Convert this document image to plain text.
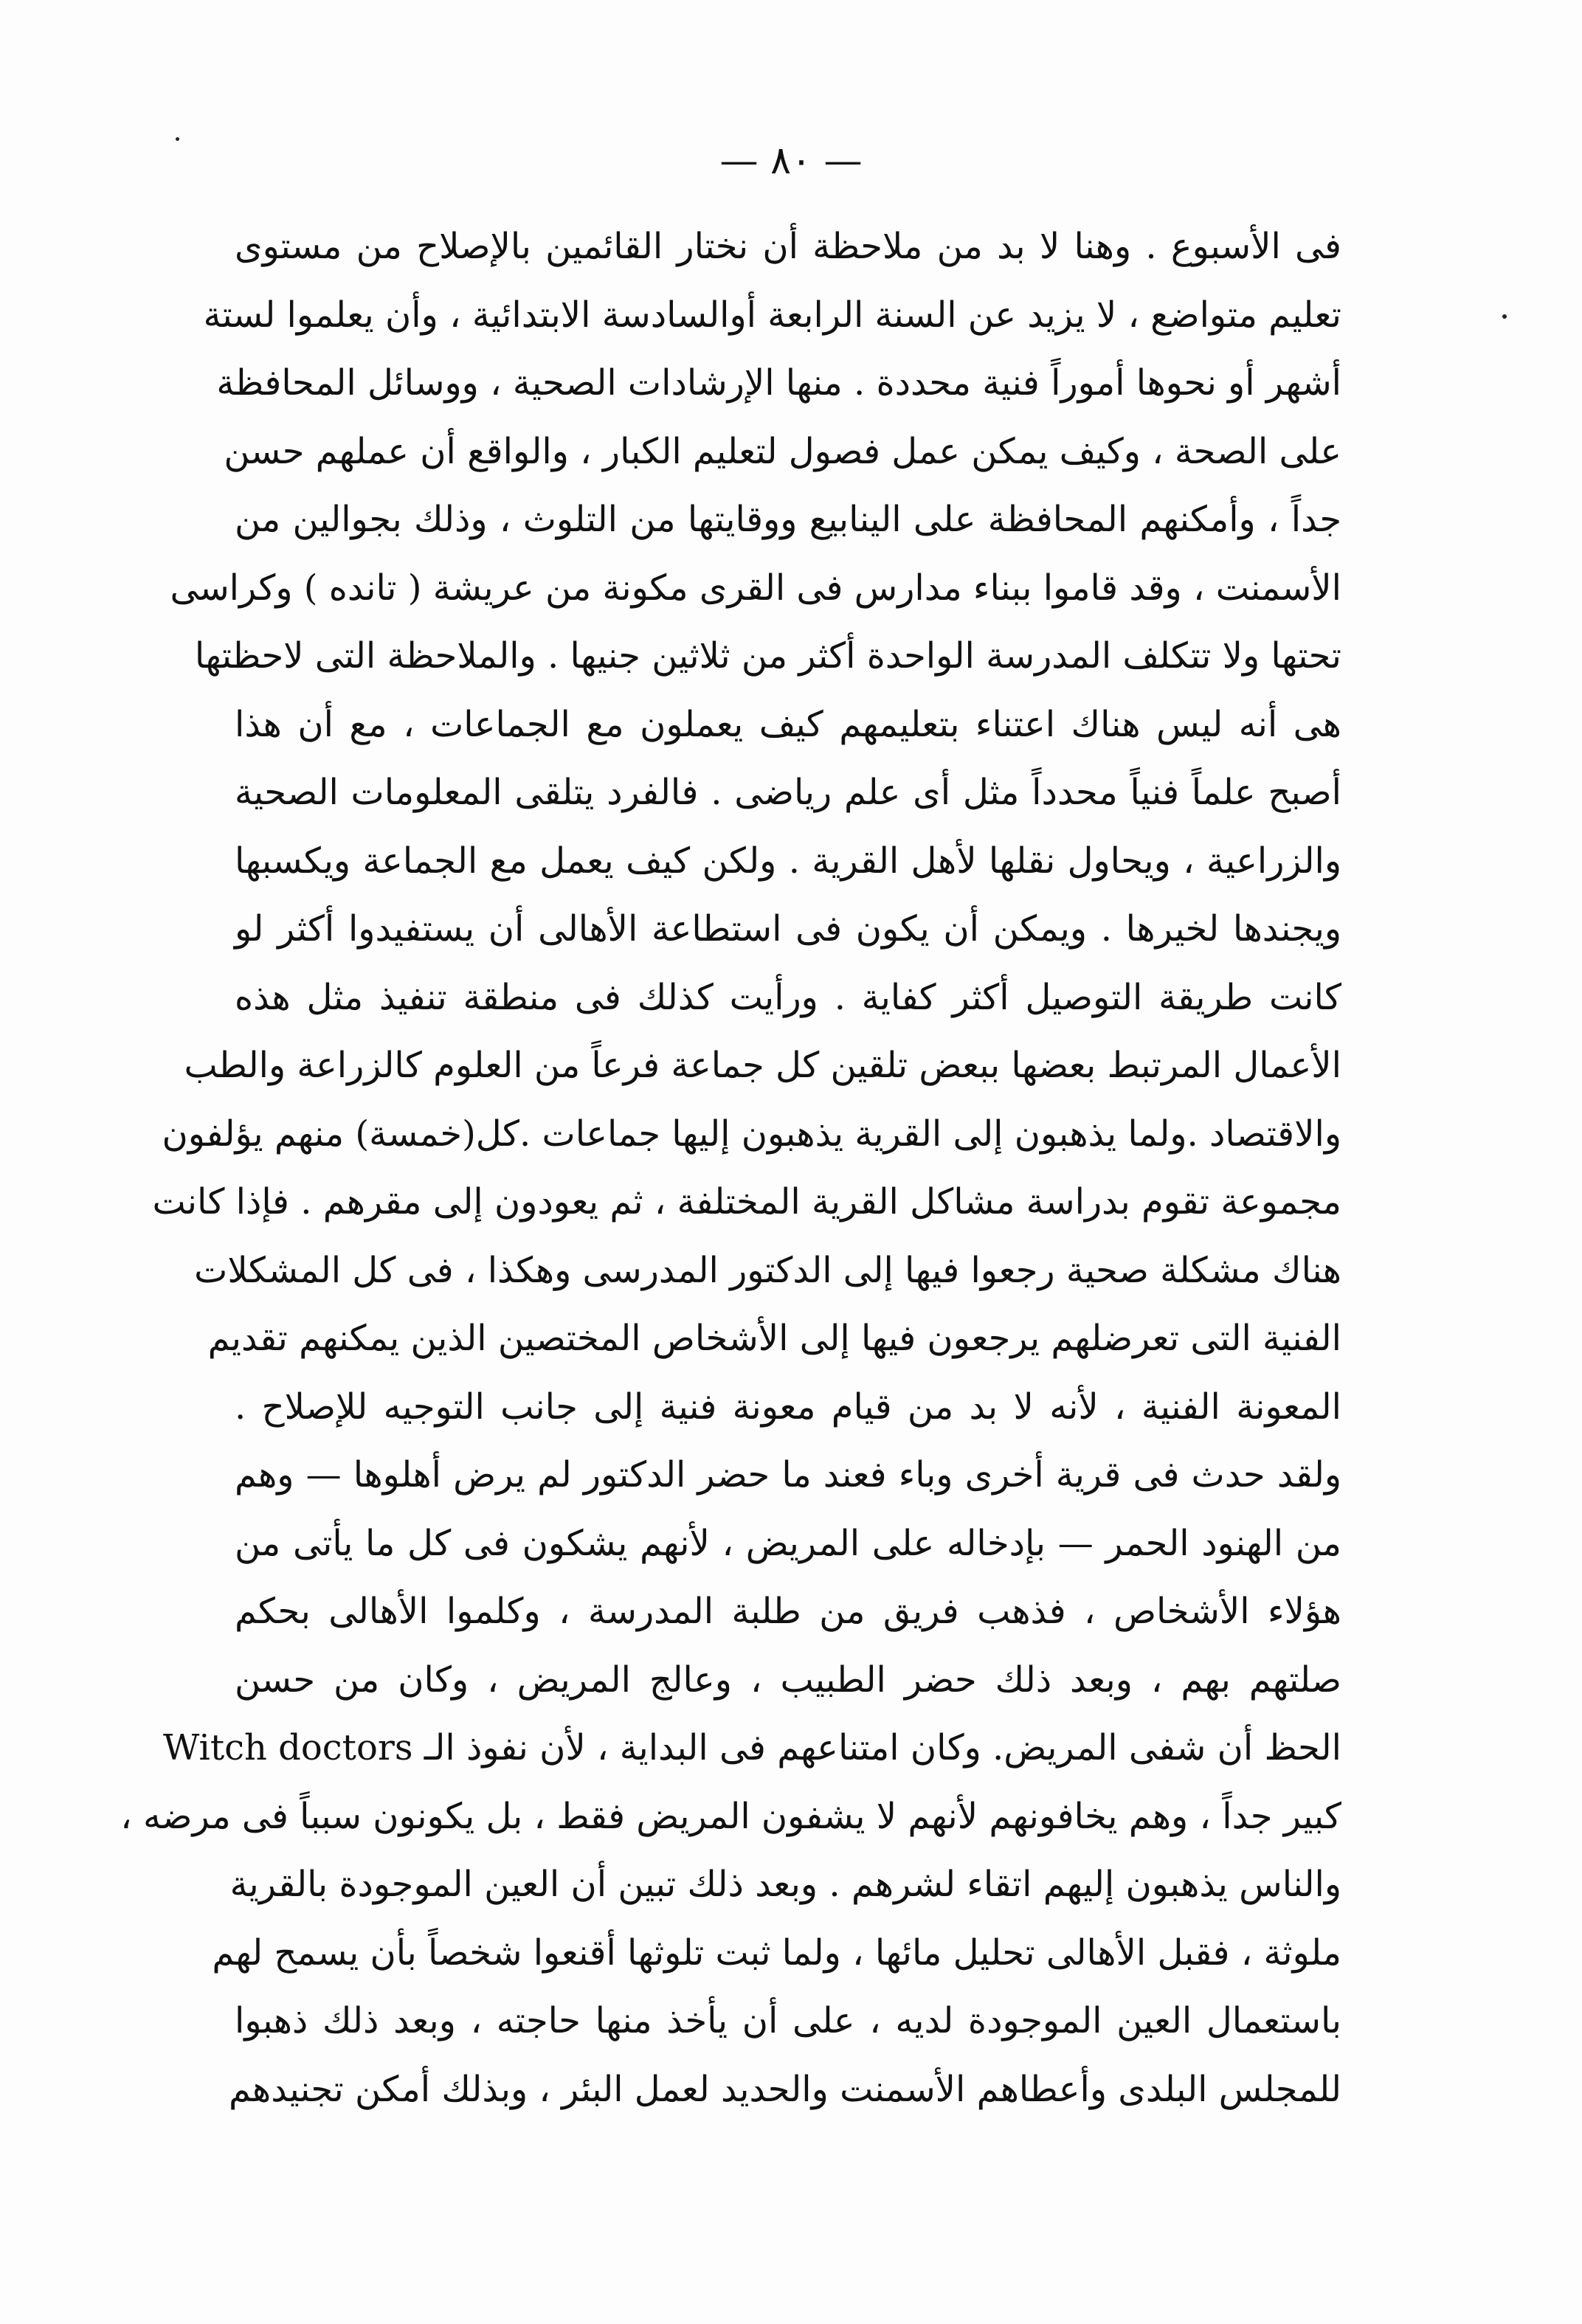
— ٨٠ —
فى الأسبوع . وهنا لا بد من ملاحظة أن نختار القائمين بالإصلاح من مستوى
تعليم متواضع ، لا يزيد عن السنة الرابعة أوالسادسة الابتدائية ، وأن يعلموا لستة
أشهر أو نحوها أموراً فنية محددة . منها الإرشادات الصحية ، ووسائل المحافظة
على الصحة ، وكيف يمكن عمل فصول لتعليم الكبار ، والواقع أن عملهم حسن
جداً ، وأمكنهم المحافظة على الينابيع ووقايتها من التلوث ، وذلك بجوالين من
الأسمنت ، وقد قاموا ببناء مدارس فى القرى مكونة من عريشة ( تانده ) وكراسى
تحتها ولا تتكلف المدرسة الواحدة أكثر من ثلاثين جنيها . والملاحظة التى لاحظتها
هى أنه ليس هناك اعتناء بتعليمهم كيف يعملون مع الجماعات ، مع أن هذا
أصبح علماً فنياً محدداً مثل أى علم رياضى . فالفرد يتلقى المعلومات الصحية
والزراعية ، ويحاول نقلها لأهل القرية . ولكن كيف يعمل مع الجماعة ويكسبها
ويجندها لخيرها . ويمكن أن يكون فى استطاعة الأهالى أن يستفيدوا أكثر لو
كانت طريقة التوصيل أكثر كفاية . ورأيت كذلك فى منطقة تنفيذ مثل هذه
الأعمال المرتبط بعضها ببعض تلقين كل جماعة فرعاً من العلوم كالزراعة والطب
والاقتصاد .ولما يذهبون إلى القرية يذهبون إليها جماعات .كل(خمسة) منهم يؤلفون
مجموعة تقوم بدراسة مشاكل القرية المختلفة ، ثم يعودون إلى مقرهم . فإذا كانت
هناك مشكلة صحية رجعوا فيها إلى الدكتور المدرسى وهكذا ، فى كل المشكلات
الفنية التى تعرضلهم يرجعون فيها إلى الأشخاص المختصين الذين يمكنهم تقديم
المعونة الفنية ، لأنه لا بد من قيام معونة فنية إلى جانب التوجيه للإصلاح .
ولقد حدث فى قرية أخرى وباء فعند ما حضر الدكتور لم يرض أهلوها — وهم
من الهنود الحمر — بإدخاله على المريض ، لأنهم يشكون فى كل ما يأتى من
هؤلاء الأشخاص ، فذهب فريق من طلبة المدرسة ، وكلموا الأهالى بحكم
صلتهم بهم ، وبعد ذلك حضر الطبيب ، وعالج المريض ، وكان من حسن
الحظ أن شفى المريض. وكان امتناعهم فى البداية ، لأن نفوذ الـ Witch doctors
كبير جداً ، وهم يخافونهم لأنهم لا يشفون المريض فقط ، بل يكونون سبباً فى مرضه ،
والناس يذهبون إليهم اتقاء لشرهم . وبعد ذلك تبين أن العين الموجودة بالقرية
ملوثة ، فقبل الأهالى تحليل مائها ، ولما ثبت تلوثها أقنعوا شخصاً بأن يسمح لهم
باستعمال العين الموجودة لديه ، على أن يأخذ منها حاجته ، وبعد ذلك ذهبوا
للمجلس البلدى وأعطاهم الأسمنت والحديد لعمل البئر ، وبذلك أمكن تجنيدهم
